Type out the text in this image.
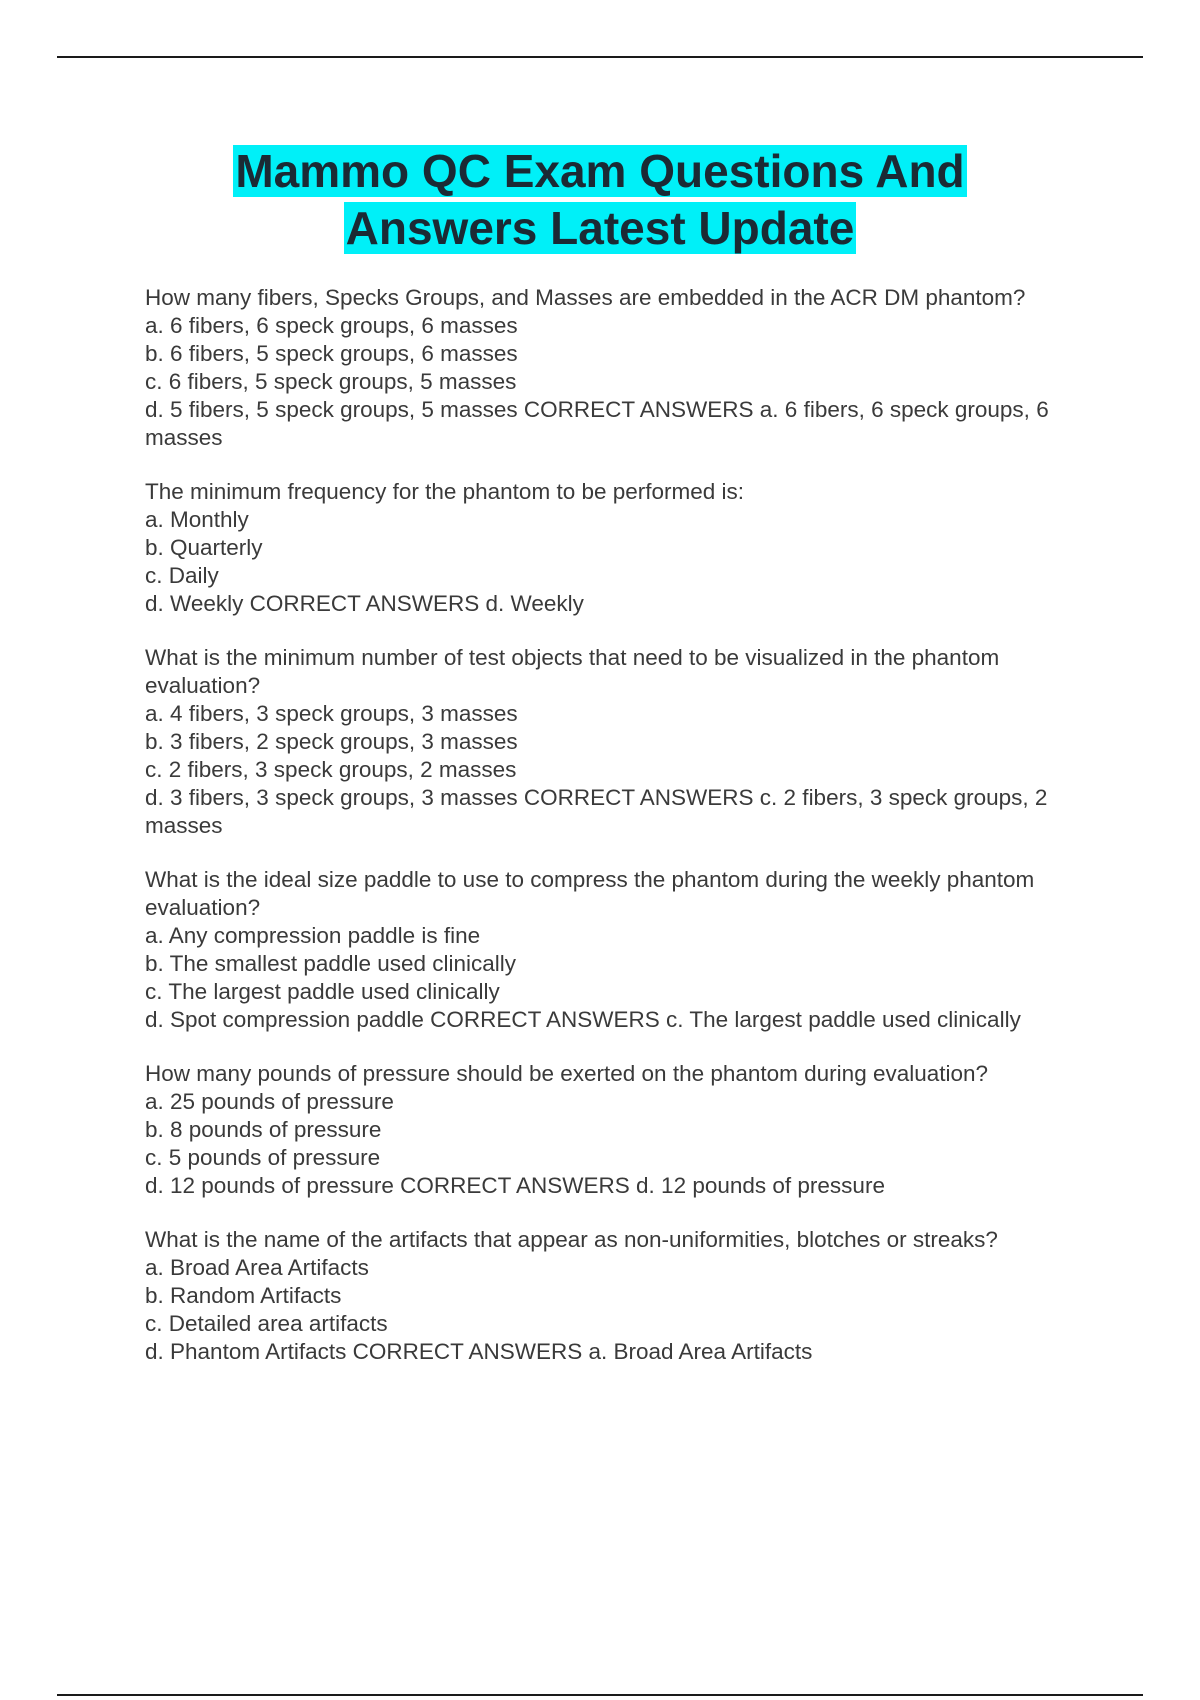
Mammo QC Exam Questions And
Answers Latest Update
How many fibers, Specks Groups, and Masses are embedded in the ACR DM phantom?
a. 6 fibers, 6 speck groups, 6 masses
b. 6 fibers, 5 speck groups, 6 masses
c. 6 fibers, 5 speck groups, 5 masses
d. 5 fibers, 5 speck groups, 5 masses CORRECT ANSWERS a. 6 fibers, 6 speck groups, 6 masses
The minimum frequency for the phantom to be performed is:
a. Monthly
b. Quarterly
c. Daily
d. Weekly CORRECT ANSWERS d. Weekly
What is the minimum number of test objects that need to be visualized in the phantom evaluation?
a. 4 fibers, 3 speck groups, 3 masses
b. 3 fibers, 2 speck groups, 3 masses
c. 2 fibers, 3 speck groups, 2 masses
d. 3 fibers, 3 speck groups, 3 masses CORRECT ANSWERS c. 2 fibers, 3 speck groups, 2 masses
What is the ideal size paddle to use to compress the phantom during the weekly phantom evaluation?
a. Any compression paddle is fine
b. The smallest paddle used clinically
c. The largest paddle used clinically
d. Spot compression paddle CORRECT ANSWERS c. The largest paddle used clinically
How many pounds of pressure should be exerted on the phantom during evaluation?
a. 25 pounds of pressure
b. 8 pounds of pressure
c. 5 pounds of pressure
d. 12 pounds of pressure CORRECT ANSWERS d. 12 pounds of pressure
What is the name of the artifacts that appear as non-uniformities, blotches or streaks?
a. Broad Area Artifacts
b. Random Artifacts
c. Detailed area artifacts
d. Phantom Artifacts CORRECT ANSWERS a. Broad Area Artifacts
